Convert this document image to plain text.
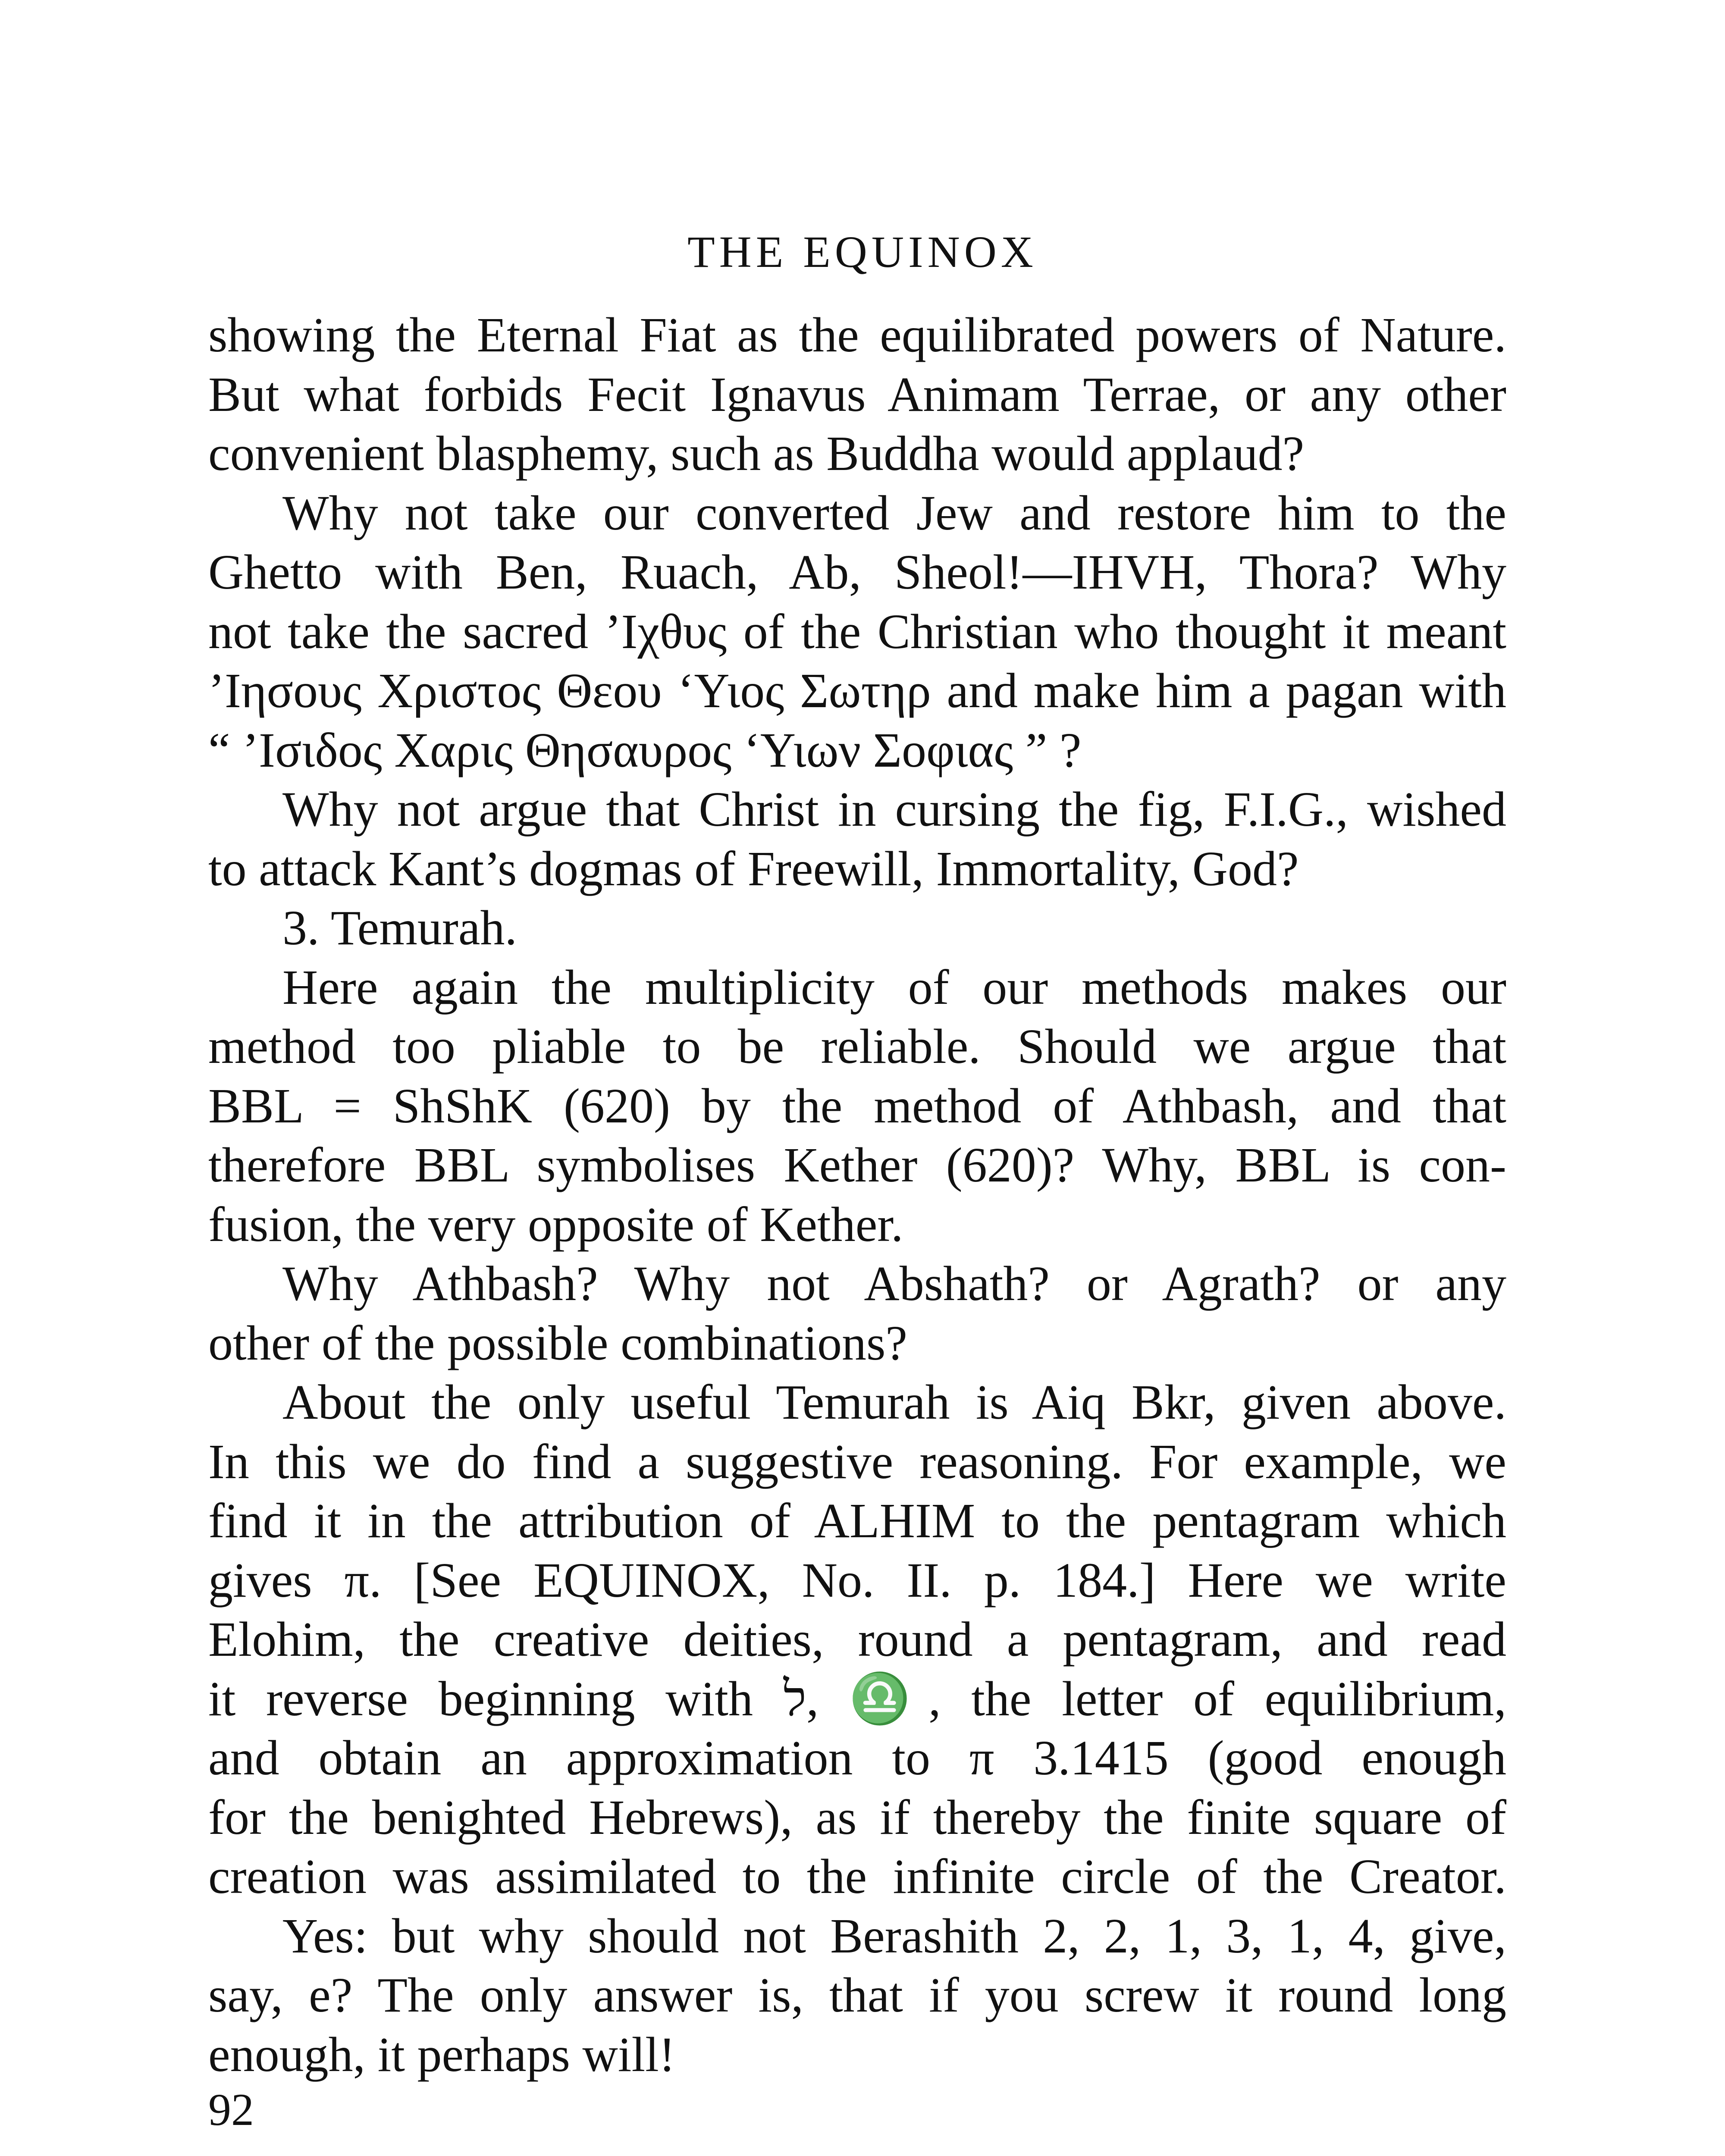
THE EQUINOX
showing the Eternal Fiat as the equilibrated powers of Nature.
But what forbids Fecit Ignavus Animam Terrae, or any other
convenient blasphemy, such as Buddha would applaud?
Why not take our converted Jew and restore him to the
Ghetto with Ben, Ruach, Ab, Sheol!—IHVH, Thora? Why
not take the sacred ’Ιχθυς of the Christian who thought it meant
’Ιησους Χριστος Θεου ‘Υιος Σωτηρ and make him a pagan with
“ ’Ισιδος Χαρις Θησαυρος ‘Υιων Σοφιας ” ?
Why not argue that Christ in cursing the fig, F.I.G., wished
to attack Kant’s dogmas of Freewill, Immortality, God?
3. Temurah.
Here again the multiplicity of our methods makes our
method too pliable to be reliable. Should we argue that
BBL = ShShK (620) by the method of Athbash, and that
therefore BBL symbolises Kether (620)? Why, BBL is con-
fusion, the very opposite of Kether.
Why Athbash? Why not Abshath? or Agrath? or any
other of the possible combinations?
About the only useful Temurah is Aiq Bkr, given above.
In this we do find a suggestive reasoning. For example, we
find it in the attribution of ALHIM to the pentagram which
gives π. [See EQUINOX, No. II. p. 184.] Here we write
Elohim, the creative deities, round a pentagram, and read
it reverse beginning with ל, ♎, the letter of equilibrium,
and obtain an approximation to π 3.1415 (good enough
for the benighted Hebrews), as if thereby the finite square of
creation was assimilated to the infinite circle of the Creator.
Yes: but why should not Berashith 2, 2, 1, 3, 1, 4, give,
say, e? The only answer is, that if you screw it round long
enough, it perhaps will!
92
